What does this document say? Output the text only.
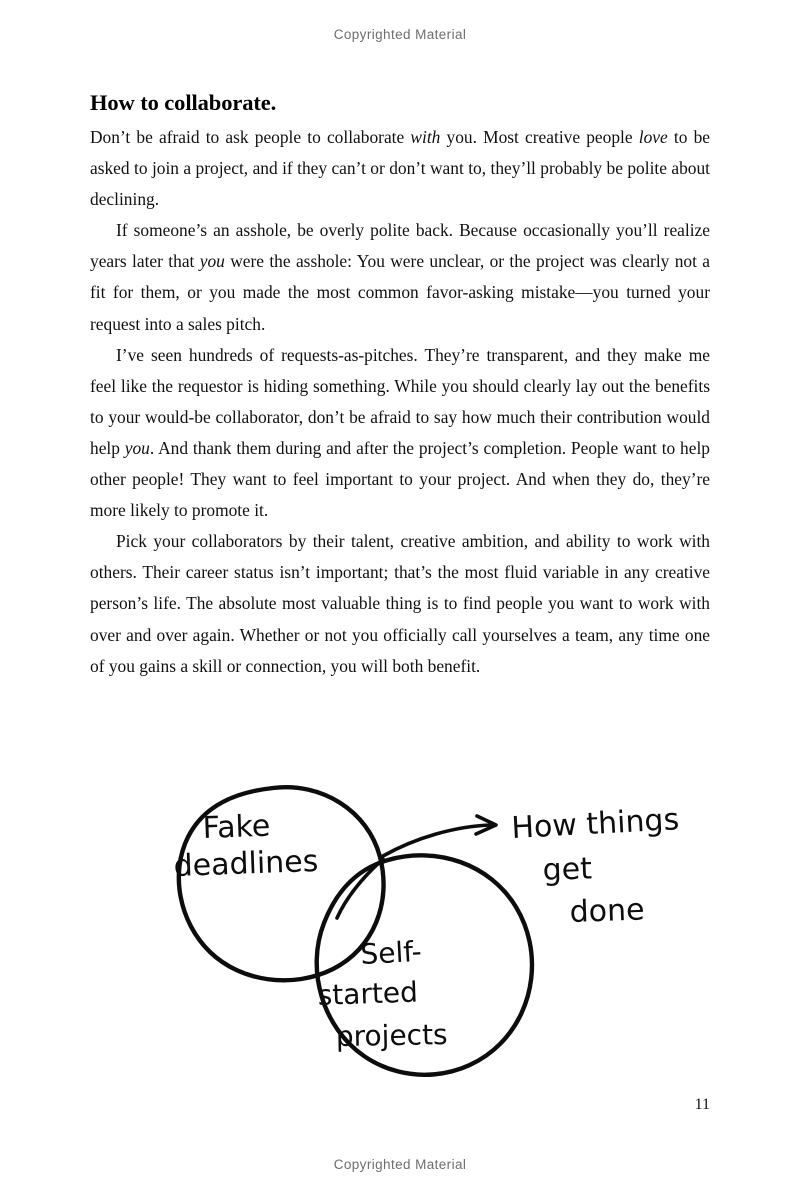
Copyrighted Material
How to collaborate.

Don’t be afraid to ask people to collaborate with you. Most creative people love to be asked to join a project, and if they can’t or don’t want to, they’ll probably be polite about declining.

If someone’s an asshole, be overly polite back. Because occasionally you’ll realize years later that you were the asshole: You were unclear, or the project was clearly not a fit for them, or you made the most common favor-asking mistake—you turned your request into a sales pitch.

I’ve seen hundreds of requests-as-pitches. They’re transparent, and they make me feel like the requestor is hiding something. While you should clearly lay out the benefits to your would-be collaborator, don’t be afraid to say how much their contribution would help you. And thank them during and after the project’s completion. People want to help other people! They want to feel important to your project. And when they do, they’re more likely to promote it.

Pick your collaborators by their talent, creative ambition, and ability to work with others. Their career status isn’t important; that’s the most fluid variable in any creative person’s life. The absolute most valuable thing is to find people you want to work with over and over again. Whether or not you officially call yourselves a team, any time one of you gains a skill or connection, you will both benefit.

Fake
deadlines
Self-
started
projects
How things
get
done
11
Copyrighted Material
